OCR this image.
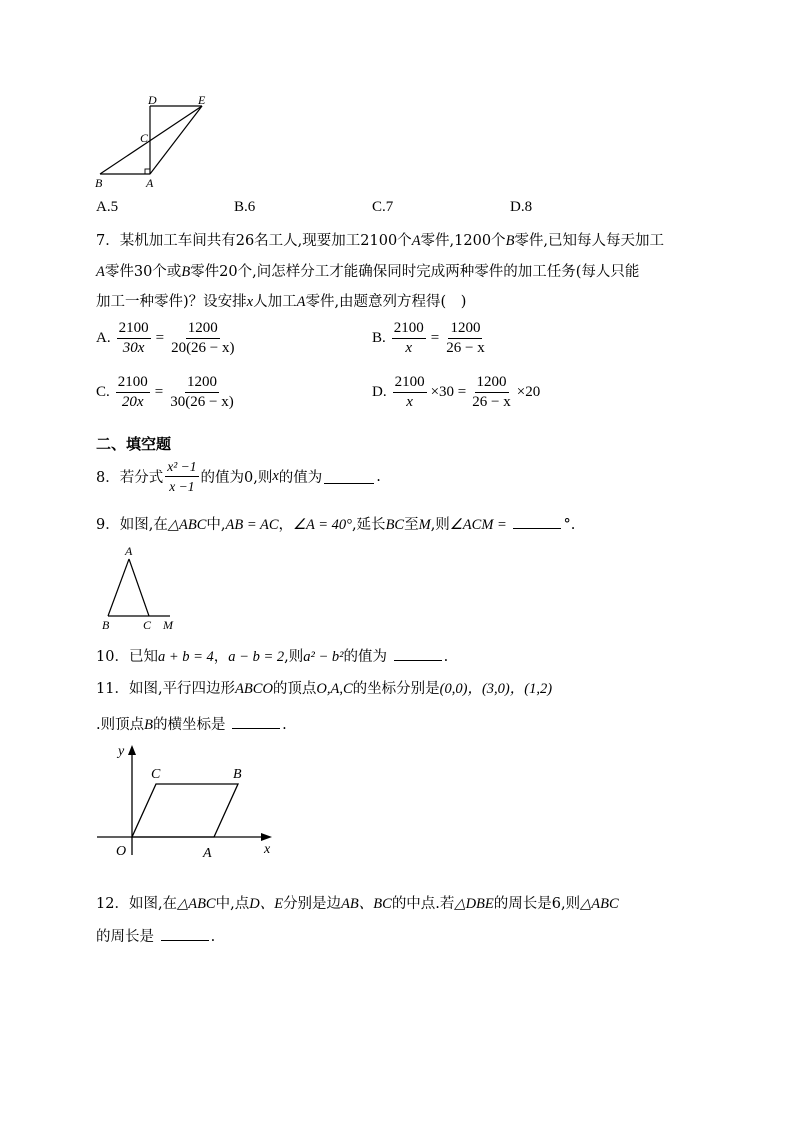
D	E
C
B	A
A.5	B.6	C.7	D.8
7．某机加工车间共有26名工人,现要加工2100个A零件,1200个B零件,已知每人每天加工
A零件30个或B零件20个,问怎样分工才能确保同时完成两种零件的加工任务(每人只能
加工一种零件)？设安排x人加工A零件,由题意列方程得(　)
A. $\frac{2100}{30x} = \frac{1200}{20(26 - x)}$	B. $\frac{2100}{x} = \frac{1200}{26 - x}$
C. $\frac{2100}{20x} = \frac{1200}{30(26 - x)}$	D. $\frac{2100}{x} \times 30 = \frac{1200}{26 - x} \times 20$
二、填空题
8．若分式 $\frac{\text{x² −1}}{x -1}$ 的值为0,则 x 的值为	.
9．如图,在△ABC中,AB = AC，∠A = 40°,延长BC至M,则∠ACM =	°.
A
B	C M
10．已知a + b = 4，a − b = 2,则a² − b²的值为	.
11．如图,平行四边形ABCO的顶点O,A,C的坐标分别是(0,0)，(3,0)，(1,2)
.则顶点B的横坐标是	.
y
x
O	A
B
C
12．如图,在△ABC中,点D、E分别是边AB、BC的中点.若△DBE的周长是6,则△ABC
的周长是	.
